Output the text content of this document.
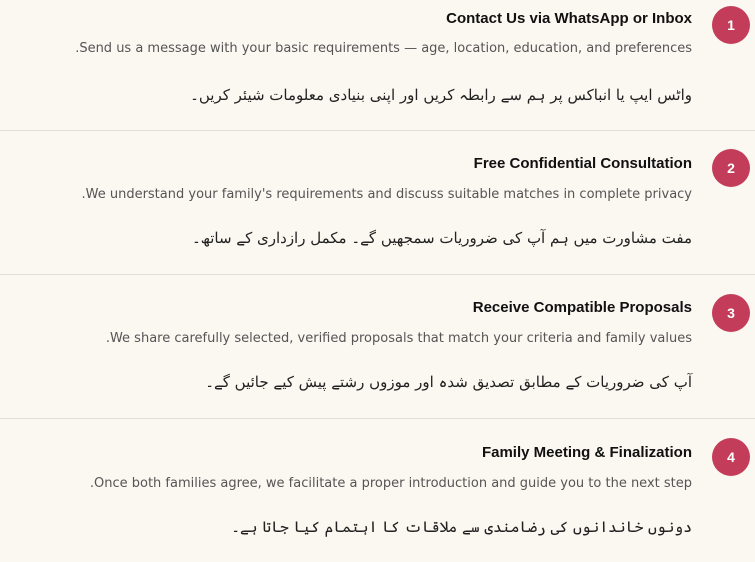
1
Contact Us via WhatsApp or Inbox

.Send us a message with your basic requirements — age, location, education, and preferences

واٹس ایپ یا انباکس پر ہم سے رابطہ کریں اور اپنی بنیادی معلومات شیئر کریں۔

2
Free Confidential Consultation

.We understand your family's requirements and discuss suitable matches in complete privacy

مفت مشاورت میں ہم آپ کی ضروریات سمجھیں گے۔ مکمل رازداری کے ساتھ۔

3
Receive Compatible Proposals

.We share carefully selected, verified proposals that match your criteria and family values

آپ کی ضروریات کے مطابق تصدیق شدہ اور موزوں رشتے پیش کیے جائیں گے۔

4
Family Meeting & Finalization

.Once both families agree, we facilitate a proper introduction and guide you to the next step

دونوں خاندانوں کی رضامندی سے ملاقات کا اہتمام کیا جاتا ہے۔
